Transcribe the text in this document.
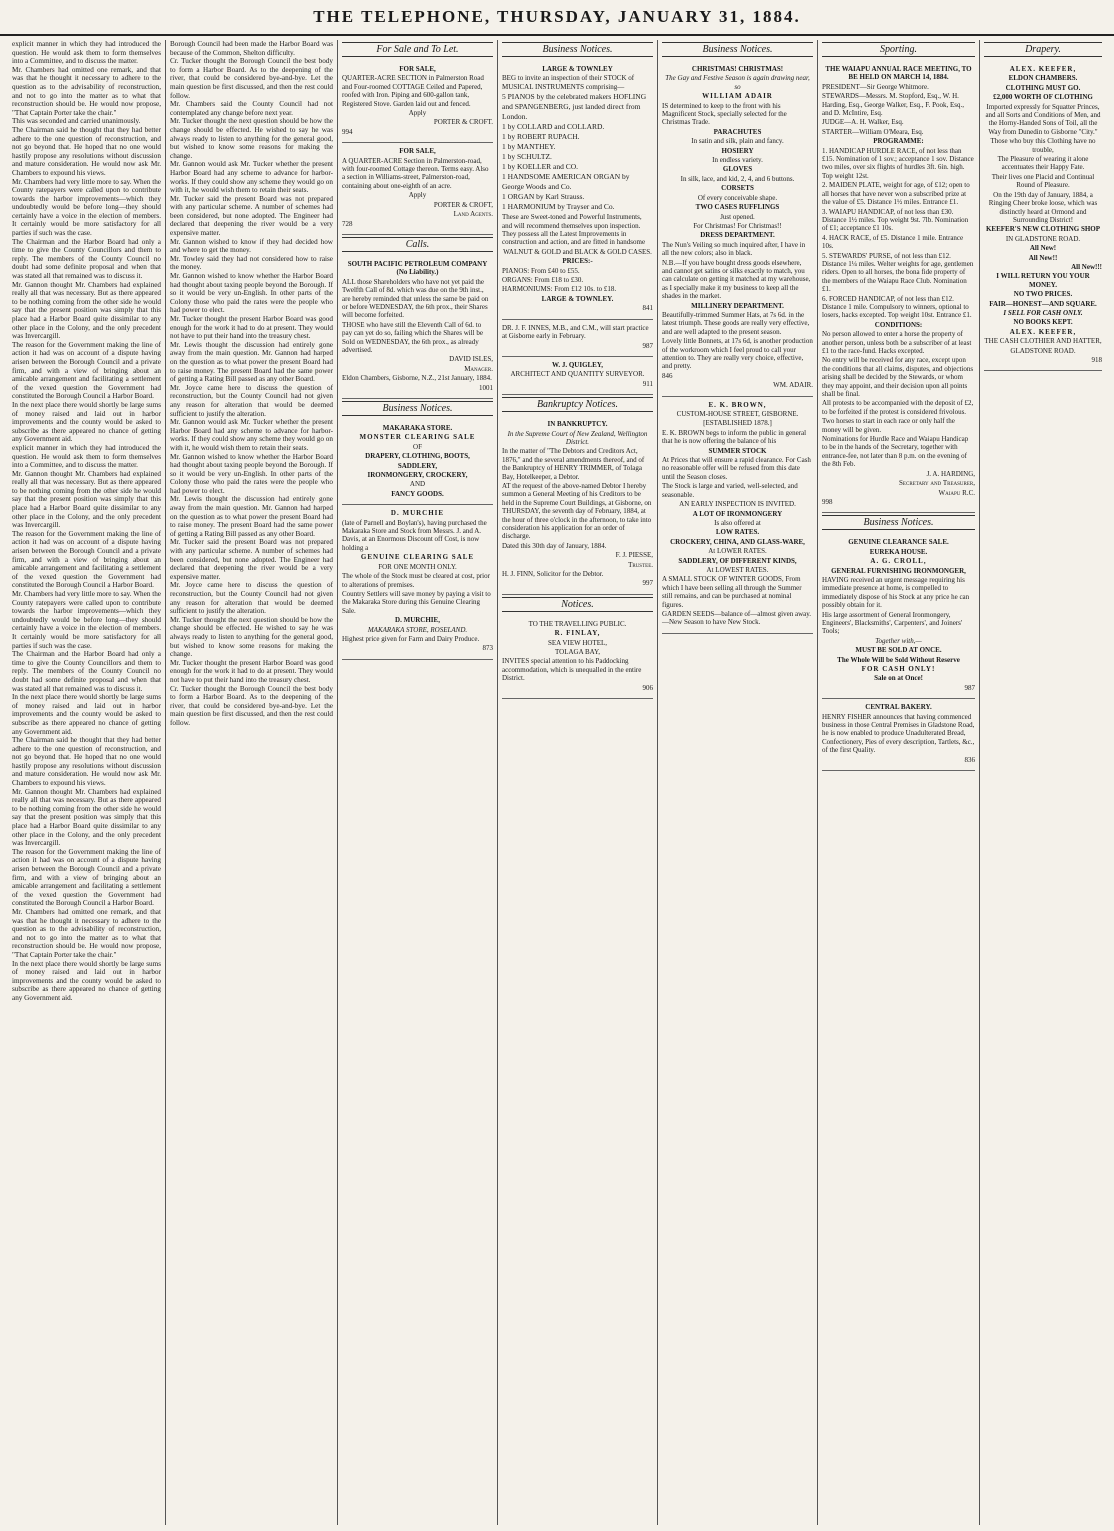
THE TELEPHONE, THURSDAY, JANUARY 31, 1884.

explicit manner in which they had introduced the question. He would ask them to form themselves into a Committee, and to discuss the matter.

Mr. Chambers had omitted one remark, and that was that he thought it necessary to adhere to the question as to the advisability of reconstruction, and not to go into the matter as to what that reconstruction should be. He would now propose, "That Captain Porter take the chair."

This was seconded and carried unanimously.

The Chairman said he thought that they had better adhere to the one question of reconstruction, and not go beyond that. He hoped that no one would hastily propose any resolutions without discussion and mature consideration. He would now ask Mr. Chambers to expound his views.

Mr. Chambers had very little more to say. When the County ratepayers were called upon to contribute towards the harbor improvements—which they undoubtedly would be before long—they should certainly have a voice in the election of members. It certainly would be more satisfactory for all parties if such was the case.

The Chairman and the Harbor Board had only a time to give the County Councillors and them to reply. The members of the County Council no doubt had some definite proposal and when that was stated all that remained was to discuss it.

Mr. Gannon thought Mr. Chambers had explained really all that was necessary. But as there appeared to be nothing coming from the other side he would say that the present position was simply that this place had a Harbor Board quite dissimilar to any other place in the Colony, and the only precedent was Invercargill.

The reason for the Government making the line of action it had was on account of a dispute having arisen between the Borough Council and a private firm, and with a view of bringing about an amicable arrangement and facilitating a settlement of the vexed question the Government had constituted the Borough Council a Harbor Board.

In the next place there would shortly be large sums of money raised and laid out in harbor improvements and the county would be asked to subscribe as there appeared no chance of getting any Government aid.

explicit manner in which they had introduced the question. He would ask them to form themselves into a Committee, and to discuss the matter.

Mr. Gannon thought Mr. Chambers had explained really all that was necessary. But as there appeared to be nothing coming from the other side he would say that the present position was simply that this place had a Harbor Board quite dissimilar to any other place in the Colony, and the only precedent was Invercargill.

The reason for the Government making the line of action it had was on account of a dispute having arisen between the Borough Council and a private firm, and with a view of bringing about an amicable arrangement and facilitating a settlement of the vexed question the Government had constituted the Borough Council a Harbor Board.

Mr. Chambers had very little more to say. When the County ratepayers were called upon to contribute towards the harbor improvements—which they undoubtedly would be before long—they should certainly have a voice in the election of members. It certainly would be more satisfactory for all parties if such was the case.

The Chairman and the Harbor Board had only a time to give the County Councillors and them to reply. The members of the County Council no doubt had some definite proposal and when that was stated all that remained was to discuss it.

In the next place there would shortly be large sums of money raised and laid out in harbor improvements and the county would be asked to subscribe as there appeared no chance of getting any Government aid.

The Chairman said he thought that they had better adhere to the one question of reconstruction, and not go beyond that. He hoped that no one would hastily propose any resolutions without discussion and mature consideration. He would now ask Mr. Chambers to expound his views.

Mr. Gannon thought Mr. Chambers had explained really all that was necessary. But as there appeared to be nothing coming from the other side he would say that the present position was simply that this place had a Harbor Board quite dissimilar to any other place in the Colony, and the only precedent was Invercargill.

The reason for the Government making the line of action it had was on account of a dispute having arisen between the Borough Council and a private firm, and with a view of bringing about an amicable arrangement and facilitating a settlement of the vexed question the Government had constituted the Borough Council a Harbor Board.

Mr. Chambers had omitted one remark, and that was that he thought it necessary to adhere to the question as to the advisability of reconstruction, and not to go into the matter as to what that reconstruction should be. He would now propose, "That Captain Porter take the chair."

In the next place there would shortly be large sums of money raised and laid out in harbor improvements and the county would be asked to subscribe as there appeared no chance of getting any Government aid.

Borough Council had been made the Harbor Board was because of the Common, Shelton difficulty.

Cr. Tucker thought the Borough Council the best body to form a Harbor Board. As to the deepening of the river, that could be considered bye-and-bye. Let the main question be first discussed, and then the rest could follow.

Mr. Chambers said the County Council had not contemplated any change before next year.

Mr. Tucker thought the next question should be how the change should be effected. He wished to say he was always ready to listen to anything for the general good, but wished to know some reasons for making the change.

Mr. Gannon would ask Mr. Tucker whether the present Harbor Board had any scheme to advance for harbor-works. If they could show any scheme they would go on with it, he would wish them to retain their seats.

Mr. Tucker said the present Board was not prepared with any particular scheme. A number of schemes had been considered, but none adopted. The Engineer had declared that deepening the river would be a very expensive matter.

Mr. Gannon wished to know if they had decided how and where to get the money.

Mr. Towley said they had not considered how to raise the money.

Mr. Gannon wished to know whether the Harbor Board had thought about taxing people beyond the Borough. If so it would be very un-English. In other parts of the Colony those who paid the rates were the people who had power to elect.

Mr. Tucker thought the present Harbor Board was good enough for the work it had to do at present. They would not have to put their hand into the treasury chest.

Mr. Lewis thought the discussion had entirely gone away from the main question. Mr. Gannon had harped on the question as to what power the present Board had to raise money. The present Board had the same power of getting a Rating Bill passed as any other Board.

Mr. Joyce came here to discuss the question of reconstruction, but the County Council had not given any reason for alteration that would be deemed sufficient to justify the alteration.

Mr. Gannon would ask Mr. Tucker whether the present Harbor Board had any scheme to advance for harbor-works. If they could show any scheme they would go on with it, he would wish them to retain their seats.

Mr. Gannon wished to know whether the Harbor Board had thought about taxing people beyond the Borough. If so it would be very un-English. In other parts of the Colony those who paid the rates were the people who had power to elect.

Mr. Lewis thought the discussion had entirely gone away from the main question. Mr. Gannon had harped on the question as to what power the present Board had to raise money. The present Board had the same power of getting a Rating Bill passed as any other Board.

Mr. Tucker said the present Board was not prepared with any particular scheme. A number of schemes had been considered, but none adopted. The Engineer had declared that deepening the river would be a very expensive matter.

Mr. Joyce came here to discuss the question of reconstruction, but the County Council had not given any reason for alteration that would be deemed sufficient to justify the alteration.

Mr. Tucker thought the next question should be how the change should be effected. He wished to say he was always ready to listen to anything for the general good, but wished to know some reasons for making the change.

Mr. Tucker thought the present Harbor Board was good enough for the work it had to do at present. They would not have to put their hand into the treasury chest.

Cr. Tucker thought the Borough Council the best body to form a Harbor Board. As to the deepening of the river, that could be considered bye-and-bye. Let the main question be first discussed, and then the rest could follow.

For Sale and To Let.

FOR SALE,

QUARTER-ACRE SECTION in Palmerston Road and Four-roomed COTTAGE Ceiled and Papered, roofed with Iron. Piping and 600-gallon tank, Registered Stove. Garden laid out and fenced.

Apply

PORTER & CROFT.

994

FOR SALE,

A QUARTER-ACRE Section in Palmerston-road, with four-roomed Cottage thereon. Terms easy. Also a section in Williams-street, Palmerston-road, containing about one-eighth of an acre.

Apply

PORTER & CROFT,

Land Agents.

728

Calls.

SOUTH PACIFIC PETROLEUM COMPANY (No Liability.)

ALL those Shareholders who have not yet paid the Twelfth Call of 8d. which was due on the 9th inst., are hereby reminded that unless the same be paid on or before WEDNESDAY, the 6th prox., their Shares will become forfeited.

THOSE who have still the Eleventh Call of 6d. to pay can yet do so, failing which the Shares will be Sold on WEDNESDAY, the 6th prox., as already advertised.

DAVID ISLES,

Manager.

Eldon Chambers, Gisborne, N.Z., 21st January, 1884.

1001

Business Notices.

MAKARAKA STORE.

MONSTER CLEARING SALE

OF

DRAPERY, CLOTHING, BOOTS,

SADDLERY,

IRONMONGERY, CROCKERY,

AND

FANCY GOODS.

D. MURCHIE

(late of Parnell and Boylan's), having purchased the Makaraka Store and Stock from Messrs. J. and A. Davis, at an Enormous Discount off Cost, is now holding a

GENUINE CLEARING SALE

FOR ONE MONTH ONLY.

The whole of the Stock must be cleared at cost, prior to alterations of premises.

Country Settlers will save money by paying a visit to the Makaraka Store during this Genuine Clearing Sale.

D. MURCHIE,

MAKARAKA STORE, ROSELAND.

Highest price given for Farm and Dairy Produce.

873

Business Notices.

LARGE & TOWNLEY

BEG to invite an inspection of their STOCK of MUSICAL INSTRUMENTS comprising—

5 PIANOS by the celebrated makers HOFLING and SPANGENBERG, just landed direct from London.
1 by COLLARD and COLLARD.
1 by ROBERT RUPACH.
1 by MANTHEY.
1 by SCHULTZ.
1 by KOELLER and CO.
1 HANDSOME AMERICAN ORGAN by George Woods and Co.
1 ORGAN by Karl Strauss.
1 HARMONIUM by Trayser and Co.

These are Sweet-toned and Powerful Instruments, and will recommend themselves upon inspection. They possess all the Latest Improvements in construction and action, and are fitted in handsome

WALNUT & GOLD and BLACK & GOLD CASES.

PRICES:-

PIANOS: From £40 to £55.

ORGANS: From £18 to £30.

HARMONIUMS: From £12 10s. to £18.

LARGE & TOWNLEY.

841

DR. J. F. INNES, M.B., and C.M., will start practice at Gisborne early in February.

987

W. J. QUIGLEY,

ARCHITECT AND QUANTITY SURVEYOR.

911

Bankruptcy Notices.

IN BANKRUPTCY.

In the Supreme Court of New Zealand, Wellington District.

In the matter of "The Debtors and Creditors Act, 1876," and the several amendments thereof, and of the Bankruptcy of HENRY TRIMMER, of Tolaga Bay, Hotelkeeper, a Debtor.

AT the request of the above-named Debtor I hereby summon a General Meeting of his Creditors to be held in the Supreme Court Buildings, at Gisborne, on THURSDAY, the seventh day of February, 1884, at the hour of three o'clock in the afternoon, to take into consideration his application for an order of discharge.

Dated this 30th day of January, 1884.

F. J. PIESSE,

Trustee.

H. J. FINN, Solicitor for the Debtor.

997

Notices.

TO THE TRAVELLING PUBLIC.

R. FINLAY,

SEA VIEW HOTEL,

TOLAGA BAY,

INVITES special attention to his Paddocking accommodation, which is unequalled in the entire District.

906

Business Notices.

CHRISTMAS! CHRISTMAS!

The Gay and Festive Season is again drawing near, so

WILLIAM ADAIR

IS determined to keep to the front with his Magnificent Stock, specially selected for the Christmas Trade.

PARACHUTES

In satin and silk, plain and fancy.

HOSIERY

In endless variety.

GLOVES

In silk, lace, and kid, 2, 4, and 6 buttons.

CORSETS

Of every conceivable shape.

TWO CASES RUFFLINGS

Just opened.

For Christmas! For Christmas!!

DRESS DEPARTMENT.

The Nun's Veiling so much inquired after, I have in all the new colors; also in black.

N.B.—If you have bought dress goods elsewhere, and cannot get satins or silks exactly to match, you can calculate on getting it matched at my warehouse, as I specially make it my business to keep all the shades in the market.

MILLINERY DEPARTMENT.

Beautifully-trimmed Summer Hats, at 7s 6d. in the latest triumph. These goods are really very effective, and are well adapted to the present season.

Lovely little Bonnets, at 17s 6d, is another production of the workroom which I feel proud to call your attention to. They are really very choice, effective, and pretty.

846

WM. ADAIR.

E. K. BROWN,

CUSTOM-HOUSE STREET, GISBORNE.

[ESTABLISHED 1878.]

E. K. BROWN begs to inform the public in general that he is now offering the balance of his

SUMMER STOCK

At Prices that will ensure a rapid clearance. For Cash no reasonable offer will be refused from this date until the Season closes.

The Stock is large and varied, well-selected, and seasonable.

AN EARLY INSPECTION IS INVITED.

A LOT OF IRONMONGERY

Is also offered at

LOW RATES.

CROCKERY, CHINA, AND GLASS-WARE,

At LOWER RATES.

SADDLERY, OF DIFFERENT KINDS,

At LOWEST RATES.

A SMALL STOCK OF WINTER GOODS, From which I have been selling all through the Summer still remains, and can be purchased at nominal figures.

GARDEN SEEDS—balance of—almost given away.—New Season to have New Stock.

Sporting.

THE WAIAPU ANNUAL RACE MEETING, TO BE HELD ON MARCH 14, 1884.

PRESIDENT—Sir George Whitmore.

STEWARDS—Messrs. M. Stopford, Esq., W. H. Harding, Esq., George Walker, Esq., F. Pook, Esq., and D. McIntire, Esq.

JUDGE—A. H. Walker, Esq.

STARTER—William O'Meara, Esq.

PROGRAMME:

1. HANDICAP HURDLE RACE, of not less than £15. Nomination of 1 sov.; acceptance 1 sov. Distance two miles, over six flights of hurdles 3ft. 6in. high. Top weight 12st.

2. MAIDEN PLATE, weight for age, of £12; open to all horses that have never won a subscribed prize at the value of £5. Distance 1½ miles. Entrance £1.

3. WAIAPU HANDICAP, of not less than £30. Distance 1½ miles. Top weight 9st. 7lb. Nomination of £1; acceptance £1 10s.

4. HACK RACE, of £5. Distance 1 mile. Entrance 10s.

5. STEWARDS' PURSE, of not less than £12. Distance 1¼ miles. Welter weights for age, gentlemen riders. Open to all horses, the bona fide property of the members of the Waiapu Race Club. Nomination £1.

6. FORCED HANDICAP, of not less than £12. Distance 1 mile. Compulsory to winners, optional to losers, hacks excepted. Top weight 10st. Entrance £1.

CONDITIONS:

No person allowed to enter a horse the property of another person, unless both be a subscriber of at least £1 to the race-fund. Hacks excepted.

No entry will be received for any race, except upon the conditions that all claims, disputes, and objections arising shall be decided by the Stewards, or whom they may appoint, and their decision upon all points shall be final.

All protests to be accompanied with the deposit of £2, to be forfeited if the protest is considered frivolous.

Two horses to start in each race or only half the money will be given.

Nominations for Hurdle Race and Waiapu Handicap to be in the hands of the Secretary, together with entrance-fee, not later than 8 p.m. on the evening of the 8th Feb.

J. A. HARDING,

Secretary and Treasurer,

Waiapu R.C.

998

Business Notices.

GENUINE CLEARANCE SALE.

EUREKA HOUSE.

A. G. CROLL,

GENERAL FURNISHING IRONMONGER,

HAVING received an urgent message requiring his immediate presence at home, is compelled to immediately dispose of his Stock at any price he can possibly obtain for it.

His large assortment of General Ironmongery, Engineers', Blacksmiths', Carpenters', and Joiners' Tools;

Together with,—

MUST BE SOLD AT ONCE.

The Whole Will be Sold Without Reserve

FOR CASH ONLY!

Sale on at Once!

987

CENTRAL BAKERY.

HENRY FISHER announces that having commenced business in those Central Premises in Gladstone Road, he is now enabled to produce Unadulterated Bread, Confectionery, Pies of every description, Tartlets, &c., of the first Quality.

836

Drapery.

ALEX. KEEFER,

ELDON CHAMBERS.

CLOTHING MUST GO.

£2,000 WORTH OF CLOTHING

Imported expressly for Squatter Princes, and all Sorts and Conditions of Men, and the Horny-Handed Sons of Toil, all the Way from Dunedin to Gisborne "City."

Those who buy this Clothing have no trouble,

The Pleasure of wearing it alone accentuates their Happy Fate.

Their lives one Placid and Continual Round of Pleasure.

On the 19th day of January, 1884, a Ringing Cheer broke loose, which was distinctly heard at Ormond and Surrounding District!

KEEFER'S NEW CLOTHING SHOP

IN GLADSTONE ROAD.

All New!

All New!!

All New!!!

I WILL RETURN YOU YOUR MONEY.

NO TWO PRICES.

FAIR—HONEST—AND SQUARE.

I SELL FOR CASH ONLY.

NO BOOKS KEPT.

ALEX. KEEFER,

THE CASH CLOTHIER AND HATTER,

GLADSTONE ROAD.

918
